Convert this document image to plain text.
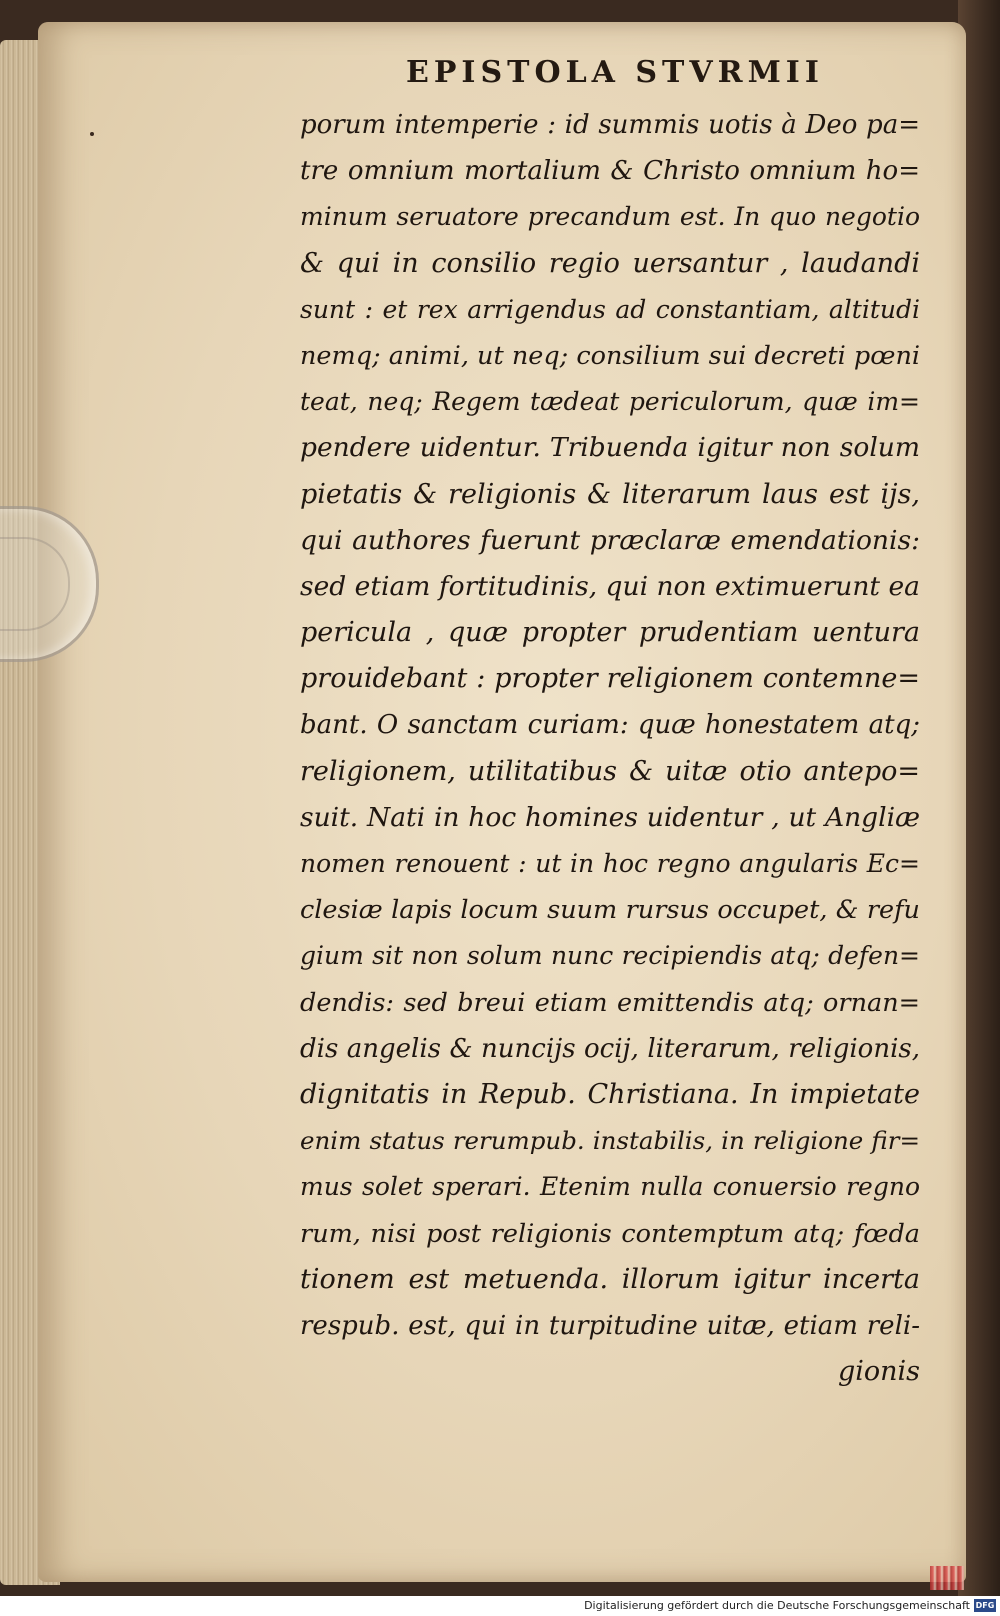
EPISTOLA STVRMII
porum intemperie : id summis uotis à Deo pa=
tre omnium mortalium & Christo omnium ho=
minum seruatore precandum est. In quo negotio
& qui in consilio regio uersantur , laudandi
sunt : et rex arrigendus ad constantiam, altitudi
nemq; animi, ut neq; consilium sui decreti pœni
teat, neq; Regem tædeat periculorum, quæ im=
pendere uidentur. Tribuenda igitur non solum
pietatis & religionis & literarum laus est ijs,
qui authores fuerunt præclaræ emendationis:
sed etiam fortitudinis, qui non extimuerunt ea
pericula , quæ propter prudentiam uentura
prouidebant : propter religionem contemne=
bant. O sanctam curiam: quæ honestatem atq;
religionem, utilitatibus & uitæ otio antepo=
suit. Nati in hoc homines uidentur , ut Angliæ
nomen renouent : ut in hoc regno angularis Ec=
clesiæ lapis locum suum rursus occupet, & refu
gium sit non solum nunc recipiendis atq; defen=
dendis: sed breui etiam emittendis atq; ornan=
dis angelis & nuncijs ocij, literarum, religionis,
dignitatis in Repub. Christiana. In impietate
enim status rerumpub. instabilis, in religione fir=
mus solet sperari. Etenim nulla conuersio regno
rum, nisi post religionis contemptum atq; fœda
tionem est metuenda. illorum igitur incerta
respub. est, qui in turpitudine uitæ, etiam reli-
gionis
Digitalisierung gefördert durch die Deutsche Forschungsgemeinschaft DFG
